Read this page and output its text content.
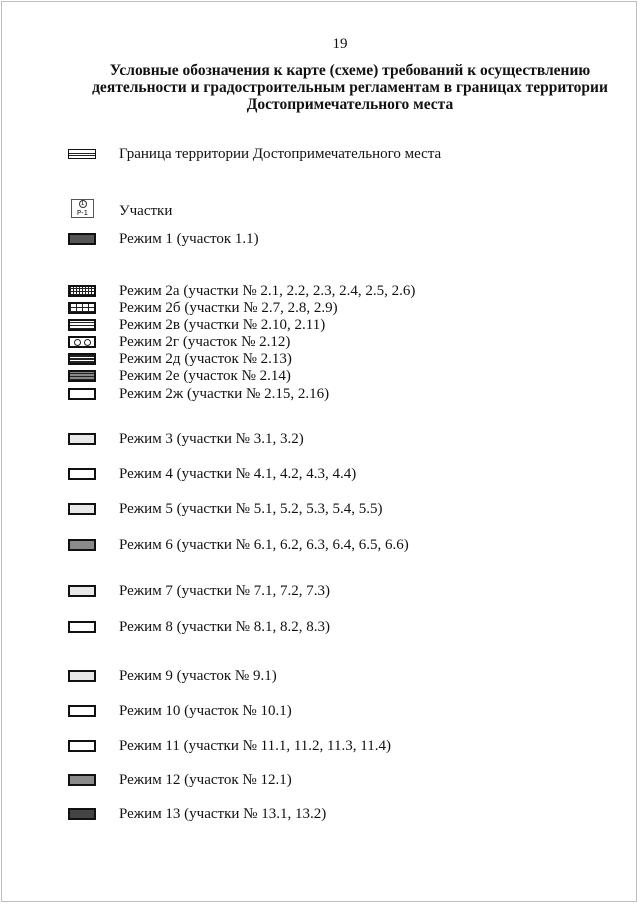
19
Условные обозначения к карте (схеме) требований к осуществлению
деятельности и градостроительным регламентам в границах территории
Достопримечательного места
Граница территории Достопримечательного места
1
Р-1	Участки
Режим 1 (участок 1.1)
Режим 2а (участки № 2.1, 2.2, 2.3, 2.4, 2.5, 2.6)
Режим 2б (участки № 2.7, 2.8, 2.9)
Режим 2в (участки № 2.10, 2.11)
Режим 2г (участок № 2.12)
Режим 2д (участок № 2.13)
Режим 2е (участок № 2.14)
Режим 2ж (участки № 2.15, 2.16)
Режим 3 (участки № 3.1, 3.2)
Режим 4 (участки № 4.1, 4.2, 4.3, 4.4)
Режим 5 (участки № 5.1, 5.2, 5.3, 5.4, 5.5)
Режим 6 (участки № 6.1, 6.2, 6.3, 6.4, 6.5, 6.6)
Режим 7 (участки № 7.1, 7.2, 7.3)
Режим 8 (участки № 8.1, 8.2, 8.3)
Режим 9 (участок № 9.1)
Режим 10 (участок № 10.1)
Режим 11 (участки № 11.1, 11.2, 11.3, 11.4)
Режим 12 (участок № 12.1)
Режим 13 (участки № 13.1, 13.2)
